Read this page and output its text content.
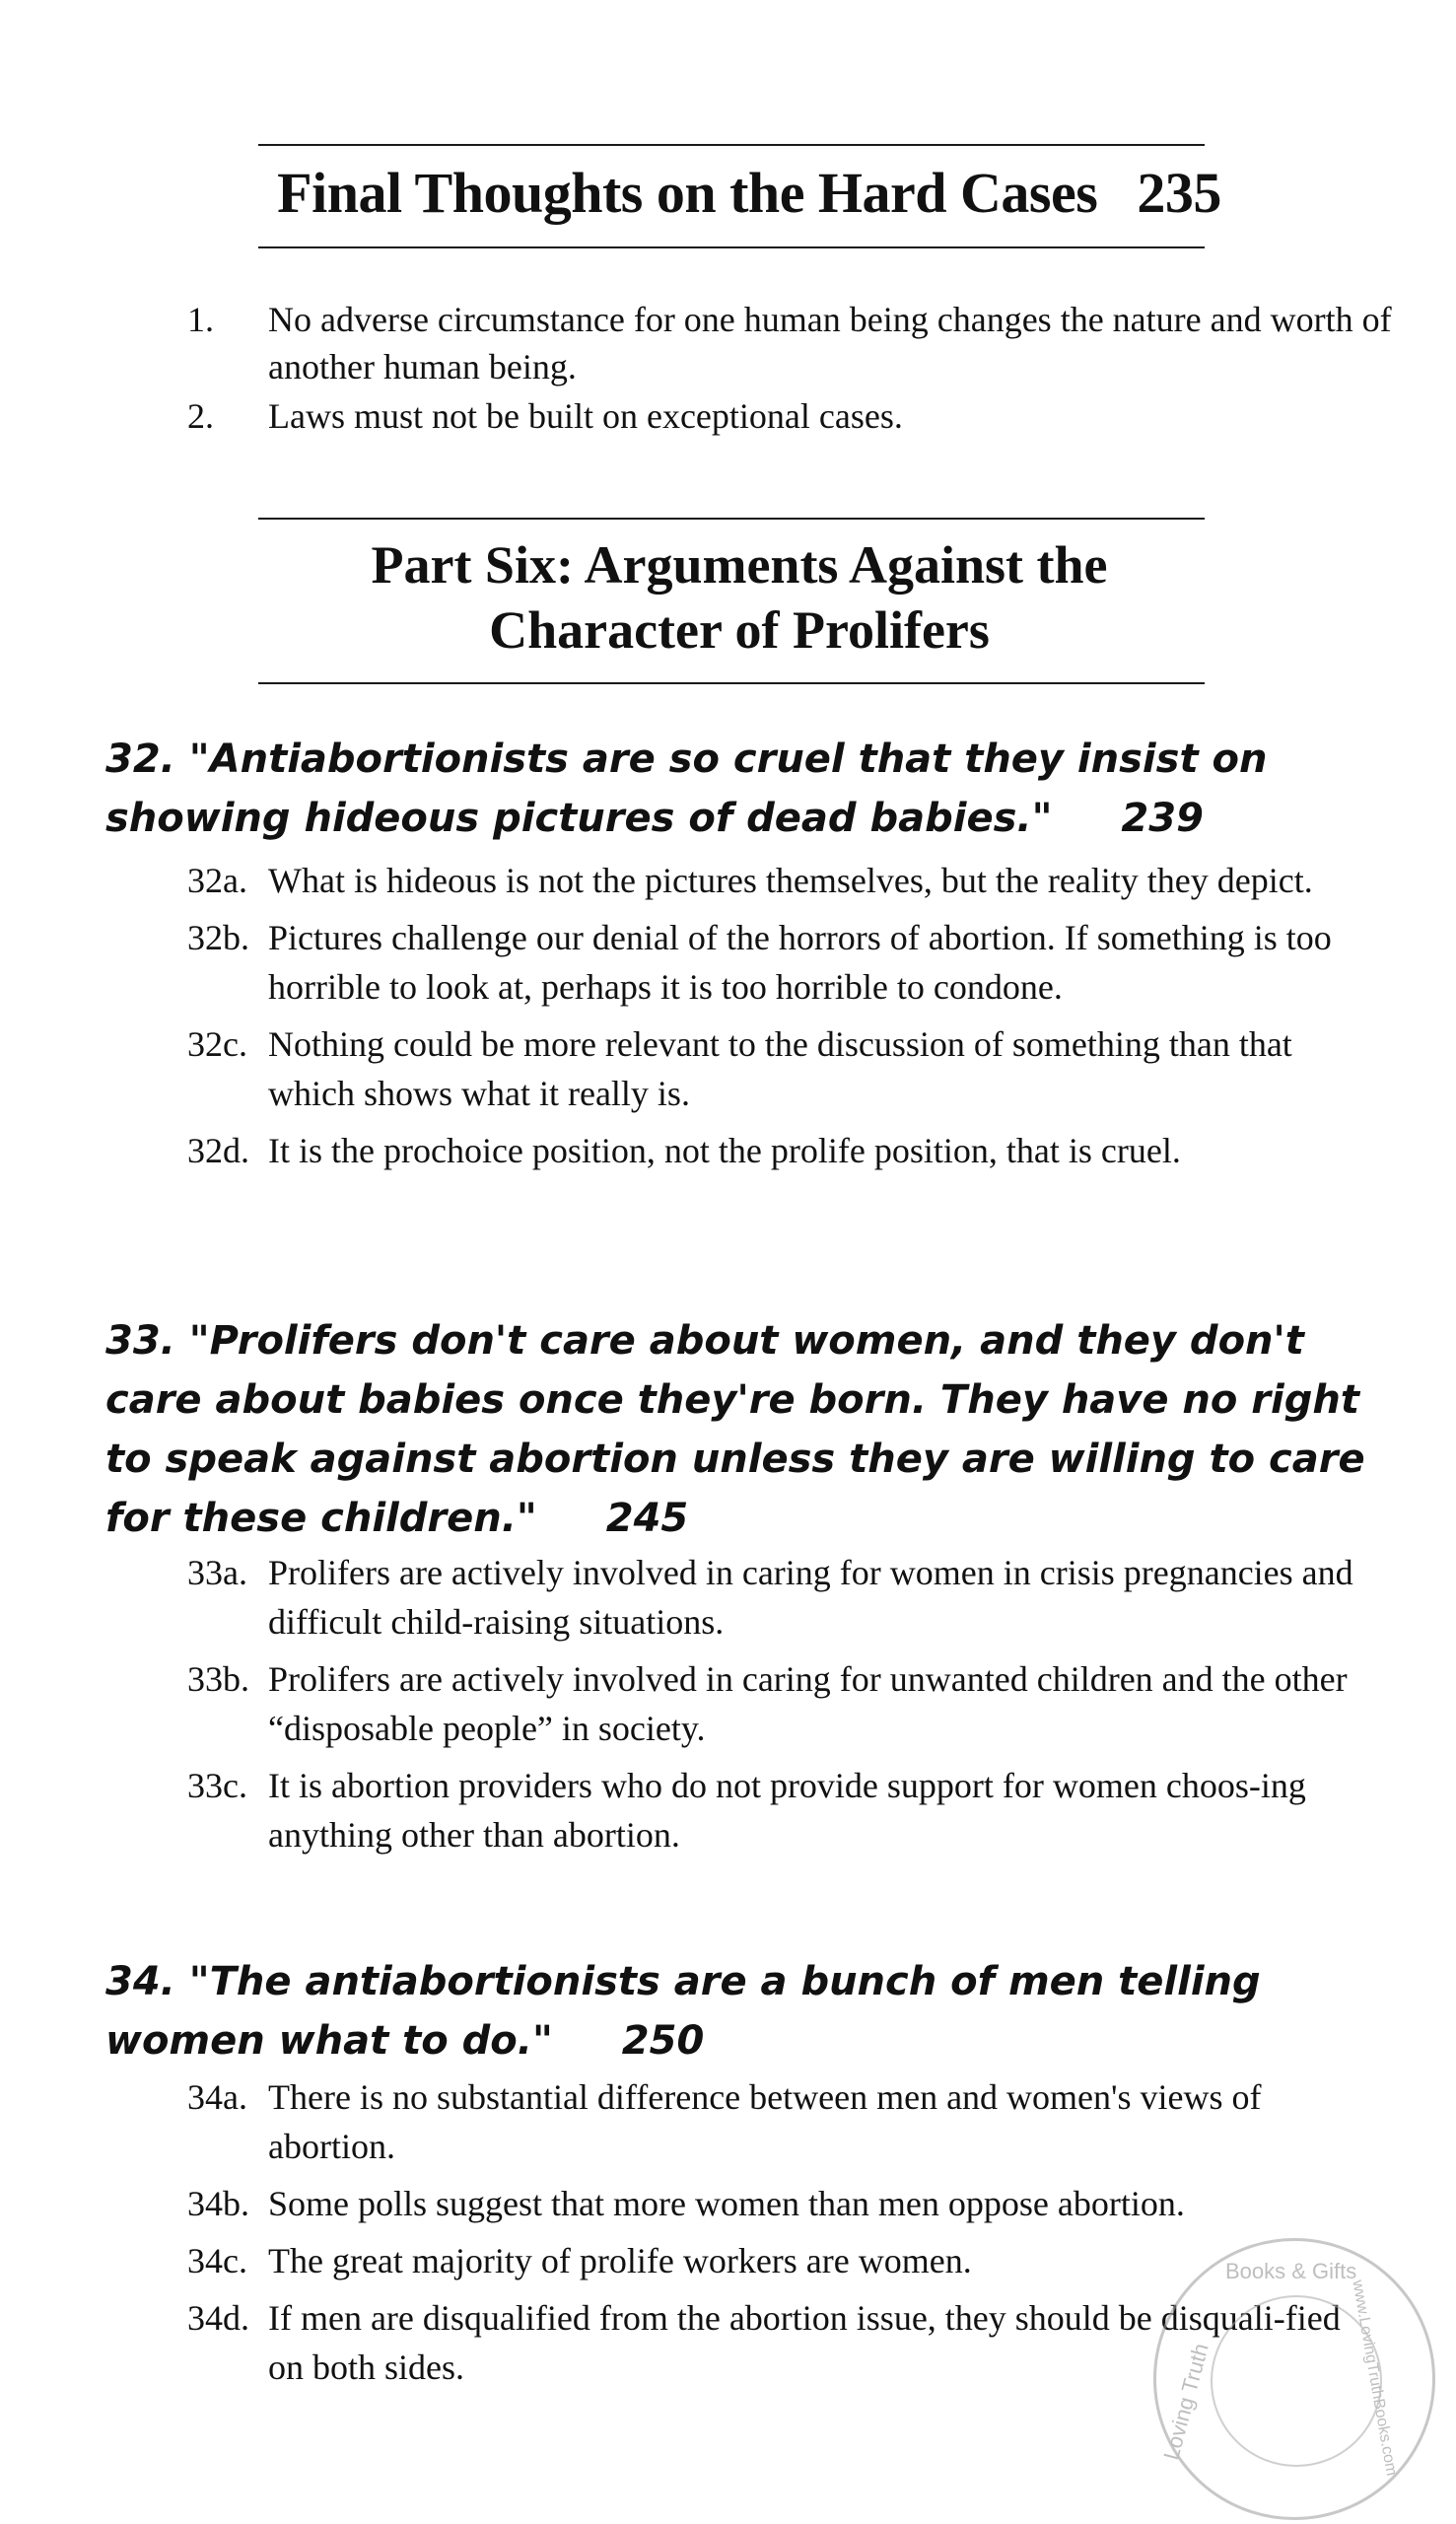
Final Thoughts on the Hard Cases 235
1. No adverse circumstance for one human being changes the nature and worth of another human being.
2. Laws must not be built on exceptional cases.
Part Six: Arguments Against the
Character of Prolifers
32. "Antiabortionists are so cruel that they insist on showing hideous pictures of dead babies." 239
32a. What is hideous is not the pictures themselves, but the reality they depict.
32b. Pictures challenge our denial of the horrors of abortion. If something is too horrible to look at, perhaps it is too horrible to condone.
32c. Nothing could be more relevant to the discussion of something than that which shows what it really is.
32d. It is the prochoice position, not the prolife position, that is cruel.
33. "Prolifers don't care about women, and they don't care about babies once they're born. They have no right to speak against abortion unless they are willing to care for these children." 245
33a. Prolifers are actively involved in caring for women in crisis pregnancies and difficult child-raising situations.
33b. Prolifers are actively involved in caring for unwanted children and the other “disposable people” in society.
33c. It is abortion providers who do not provide support for women choos-ing anything other than abortion.
34. "The antiabortionists are a bunch of men telling women what to do." 250
34a. There is no substantial difference between men and women's views of abortion.
34b. Some polls suggest that more women than men oppose abortion.
34c. The great majority of prolife workers are women.
34d. If men are disqualified from the abortion issue, they should be disquali-fied on both sides.
Books & Gifts
Loving Truth	www.LovingTruthBooks.com
